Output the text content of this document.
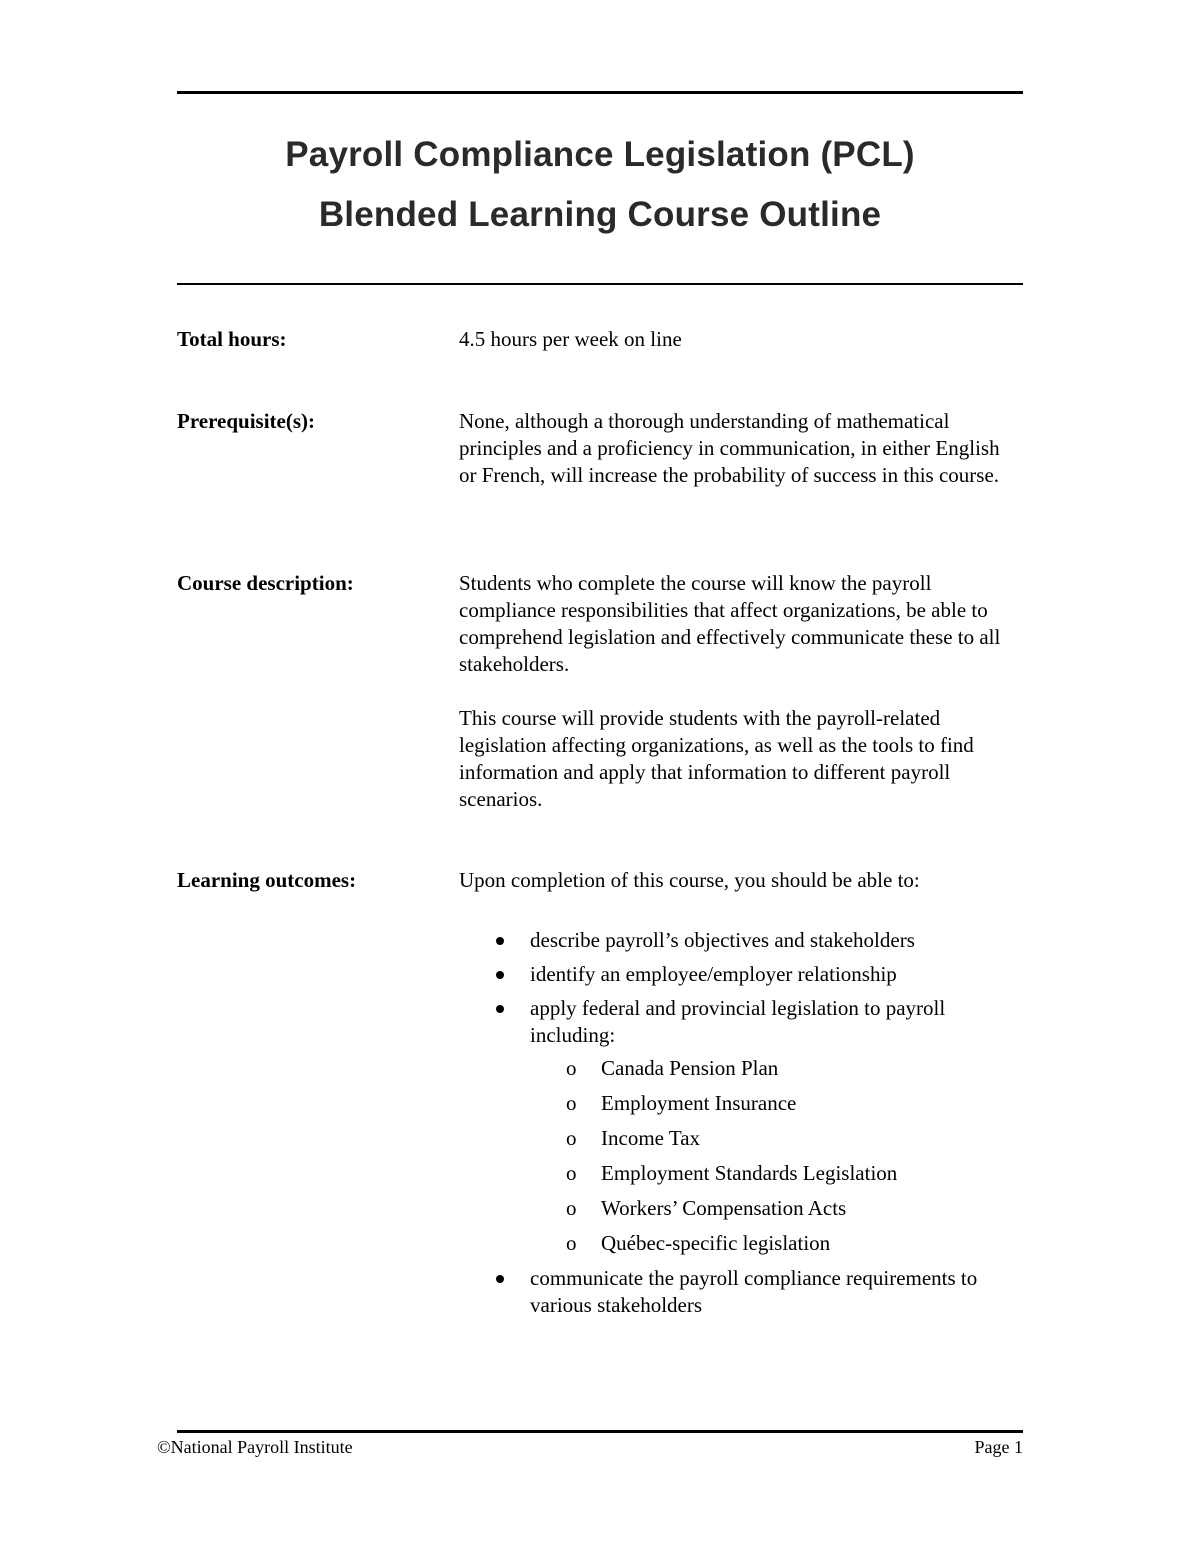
Payroll Compliance Legislation (PCL)
Blended Learning Course Outline
Total hours:	4.5 hours per week on line
Prerequisite(s):	None, although a thorough understanding of mathematical principles and a proficiency in communication, in either English or French, will increase the probability of success in this course.
Course description:	Students who complete the course will know the payroll compliance responsibilities that affect organizations, be able to comprehend legislation and effectively communicate these to all stakeholders.

This course will provide students with the payroll-related legislation affecting organizations, as well as the tools to find information and apply that information to different payroll scenarios.

Learning outcomes:	Upon completion of this course, you should be able to:
describe payroll’s objectives and stakeholders
identify an employee/employer relationship
apply federal and provincial legislation to payroll including:
o Canada Pension Plan
o Employment Insurance
o Income Tax
o Employment Standards Legislation
o Workers’ Compensation Acts
o Québec-specific legislation
communicate the payroll compliance requirements to various stakeholders
©National Payroll Institute	Page 1
